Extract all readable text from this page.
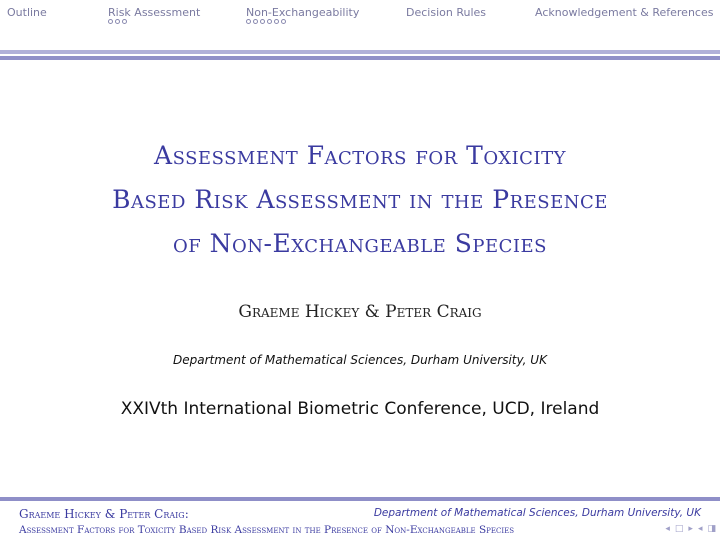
Outline	Risk Assessment	Non-Exchangeability	Decision Rules	Acknowledgement & References
Assessment Factors for Toxicity
Based Risk Assessment in the Presence
of Non-Exchangeable Species
Graeme Hickey & Peter Craig
Department of Mathematical Sciences, Durham University, UK
XXIVth International Biometric Conference, UCD, Ireland
Graeme Hickey & Peter Craig:	Department of Mathematical Sciences, Durham University, UK
Assessment Factors for Toxicity Based Risk Assessment in the Presence of Non-Exchangeable Species	◂ □ ▸ ◂ ◨
